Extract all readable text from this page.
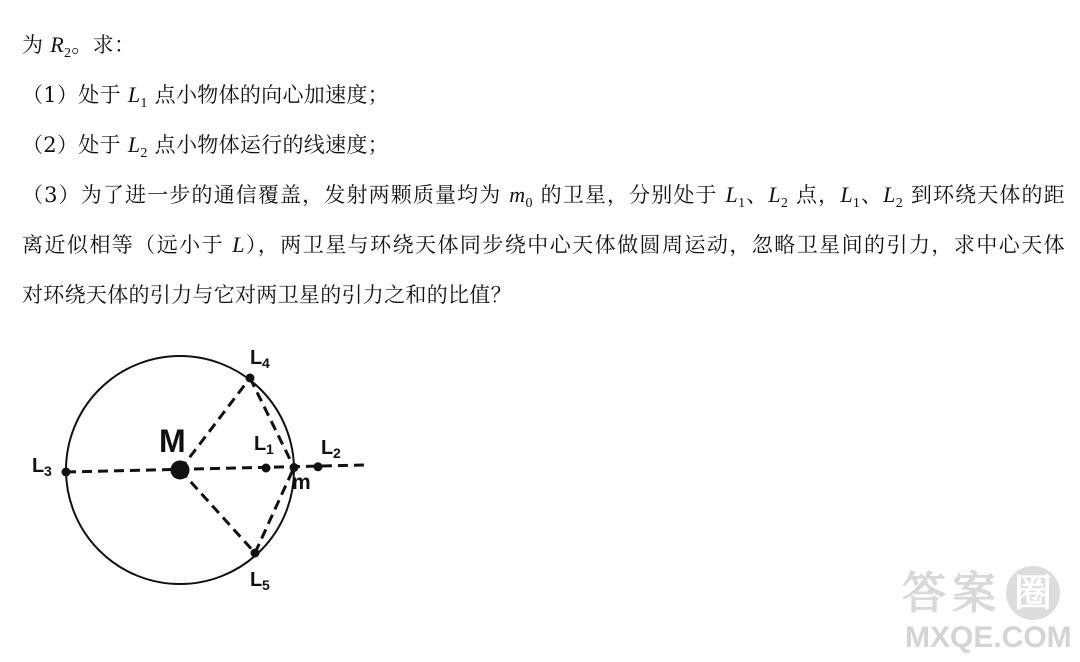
为 $R_2$。求：
（1）处于 $L_1$ 点小物体的向心加速度；
（2）处于 $L_2$ 点小物体运行的线速度；
（3）为了进一步的通信覆盖，发射两颗质量均为 $m_0$ 的卫星，分别处于 $L_1$、$L_2$ 点，$L_1$、$L_2$ 到环绕天体的距
离近似相等（远小于 L），两卫星与环绕天体同步绕中心天体做圆周运动，忽略卫星间的引力，求中心天体
对环绕天体的引力与它对两卫星的引力之和的比值？
M
m
L 1 L 2
L 3
L 4
L 5	答案 圈
MXQE.COM
